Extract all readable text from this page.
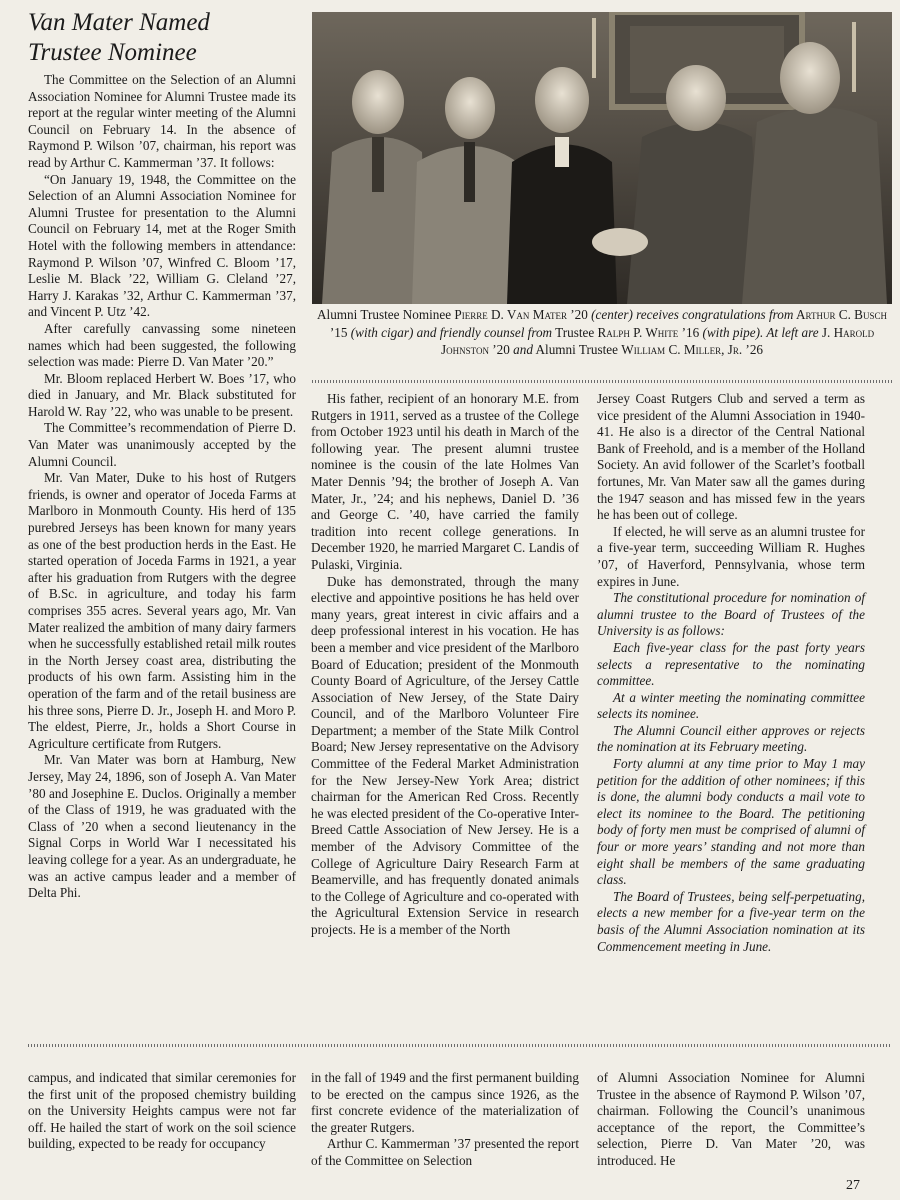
Van Mater Named
Trustee Nominee
Alumni Trustee Nominee Pierre D. Van Mater ’20 (center) receives congratulations from Arthur C. Busch ’15 (with cigar) and friendly counsel from Trustee Ralph P. White ’16 (with pipe). At left are J. Harold Johnston ’20 and Alumni Trustee William C. Miller, Jr. ’26

The Committee on the Selection of an Alumni Association Nominee for Alumni Trustee made its report at the regular winter meeting of the Alumni Council on February 14. In the absence of Raymond P. Wilson ’07, chairman, his report was read by Arthur C. Kammerman ’37. It follows:

“On January 19, 1948, the Committee on the Selection of an Alumni Association Nominee for Alumni Trustee for presentation to the Alumni Council on February 14, met at the Roger Smith Hotel with the following members in attendance: Raymond P. Wilson ’07, Winfred C. Bloom ’17, Leslie M. Black ’22, William G. Cleland ’27, Harry J. Karakas ’32, Arthur C. Kammerman ’37, and Vincent P. Utz ’42.

After carefully canvassing some nineteen names which had been suggested, the following selection was made: Pierre D. Van Mater ’20.”

Mr. Bloom replaced Herbert W. Boes ’17, who died in January, and Mr. Black substituted for Harold W. Ray ’22, who was unable to be present.

The Committee’s recommendation of Pierre D. Van Mater was unanimously accepted by the Alumni Council.

Mr. Van Mater, Duke to his host of Rutgers friends, is owner and operator of Joceda Farms at Marlboro in Monmouth County. His herd of 135 purebred Jerseys has been known for many years as one of the best production herds in the East. He started operation of Joceda Farms in 1921, a year after his graduation from Rutgers with the degree of B.Sc. in agriculture, and today his farm comprises 355 acres. Several years ago, Mr. Van Mater realized the ambition of many dairy farmers when he successfully established retail milk routes in the North Jersey coast area, distributing the products of his own farm. Assisting him in the operation of the farm and of the retail business are his three sons, Pierre D. Jr., Joseph H. and Moro P. The eldest, Pierre, Jr., holds a Short Course in Agriculture certificate from Rutgers.

Mr. Van Mater was born at Hamburg, New Jersey, May 24, 1896, son of Joseph A. Van Mater ’80 and Josephine E. Duclos. Originally a member of the Class of 1919, he was graduated with the Class of ’20 when a second lieutenancy in the Signal Corps in World War I necessitated his leaving college for a year. As an undergraduate, he was an active campus leader and a member of Delta Phi.

His father, recipient of an honorary M.E. from Rutgers in 1911, served as a trustee of the College from October 1923 until his death in March of the following year. The present alumni trustee nominee is the cousin of the late Holmes Van Mater Dennis ’94; the brother of Joseph A. Van Mater, Jr., ’24; and his nephews, Daniel D. ’36 and George C. ’40, have carried the family tradition into recent college generations. In December 1920, he married Margaret C. Landis of Pulaski, Virginia.

Duke has demonstrated, through the many elective and appointive positions he has held over many years, great interest in civic affairs and a deep professional interest in his vocation. He has been a member and vice president of the Marlboro Board of Education; president of the Monmouth County Board of Agriculture, of the Jersey Cattle Association of New Jersey, of the State Dairy Council, and of the Marlboro Volunteer Fire Department; a member of the State Milk Control Board; New Jersey representative on the Advisory Committee of the Federal Market Administration for the New Jersey-New York Area; district chairman for the American Red Cross. Recently he was elected president of the Co-operative Inter-Breed Cattle Association of New Jersey. He is a member of the Advisory Committee of the College of Agriculture Dairy Research Farm at Beamerville, and has frequently donated animals to the College of Agriculture and co-operated with the Agricultural Extension Service in research projects. He is a member of the North

Jersey Coast Rutgers Club and served a term as vice president of the Alumni Association in 1940-41. He also is a director of the Central National Bank of Freehold, and is a member of the Holland Society. An avid follower of the Scarlet’s football fortunes, Mr. Van Mater saw all the games during the 1947 season and has missed few in the years he has been out of college.

If elected, he will serve as an alumni trustee for a five-year term, succeeding William R. Hughes ’07, of Haverford, Pennsylvania, whose term expires in June.

The constitutional procedure for nomination of alumni trustee to the Board of Trustees of the University is as follows:

Each five-year class for the past forty years selects a representative to the nominating committee.

At a winter meeting the nominating committee selects its nominee.

The Alumni Council either approves or rejects the nomination at its February meeting.

Forty alumni at any time prior to May 1 may petition for the addition of other nominees; if this is done, the alumni body conducts a mail vote to elect its nominee to the Board. The petitioning body of forty men must be comprised of alumni of four or more years’ standing and not more than eight shall be members of the same graduating class.

The Board of Trustees, being self-perpetuating, elects a new member for a five-year term on the basis of the Alumni Association nomination at its Commencement meeting in June.

campus, and indicated that similar ceremonies for the first unit of the proposed chemistry building on the University Heights campus were not far off. He hailed the start of work on the soil science building, expected to be ready for occupancy

in the fall of 1949 and the first permanent building to be erected on the campus since 1926, as the first concrete evidence of the materialization of the greater Rutgers.

Arthur C. Kammerman ’37 presented the report of the Committee on Selection

of Alumni Association Nominee for Alumni Trustee in the absence of Raymond P. Wilson ’07, chairman. Following the Council’s unanimous acceptance of the report, the Committee’s selection, Pierre D. Van Mater ’20, was introduced. He

27
